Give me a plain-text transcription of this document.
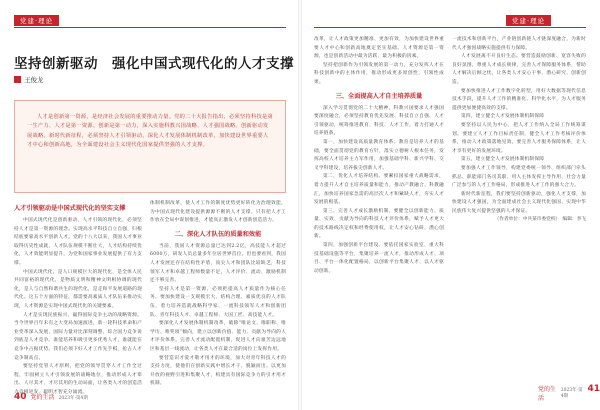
党建·理论
坚持创新驱动　强化中国式现代化的人才支撑
王俊龙

人才是创新第一资源，是经济社会发展的重要推动力量。党的二十大报告指出，必须坚持科技是第一生产力、人才是第一资源、创新是第一动力，深入实施科教兴国战略、人才强国战略、创新驱动发展战略。新时代新征程，必须坚持人才引领驱动，深化人才发展体制机制改革，加快建设世界重要人才中心和创新高地，为全面建设社会主义现代化国家提供坚强的人才支撑。

人才引领驱动是中国式现代化的坚实支撑

中国式现代化是创新驱动、人才引领的现代化，必须坚持人才是第一资源的理念。实现高水平科技自立自强，归根结底要靠高水平创新人才。党的十八大以来，我国人才事业取得历史性成就，人才队伍规模不断壮大，人才结构持续优化，人才效能明显提升，为党和国家事业发展提供了有力支撑。

中国式现代化，是人口规模巨大的现代化，是全体人民共同富裕的现代化，是物质文明和精神文明相协调的现代化，是人与自然和谐共生的现代化，是走和平发展道路的现代化。这五个方面的特征，都需要高素质人才队伍来推动实现，人才资源是实现中国式现代化的关键要素。

人才是实现民族振兴、赢得国际竞争主动的战略资源。当今世界百年未有之大变局加速演进，新一轮科技革命和产业变革深入发展，国际力量对比深刻调整，综合国力竞争说到底是人才竞争。谁能培养和吸引更多优秀人才，谁就能在竞争中占据优势。我们必须下好人才工作先手棋，抢占人才竞争制高点。

要坚持党管人才原则，把党的领导贯穿人才工作全过程，牢固树立人才引领发展的战略地位，推动形成人才辈出、人尽其才、才尽其用的生动局面，让各类人才的创造活力竞相迸发、聪明才智充分涌流。

体制机制改革，使人才工作的制度优势更好转化为治理效能，为中国式现代化建设提供源源不断的人才支撑。只有把人才工作放在全局中谋划推进，才能真正激发人才创新创造活力。

二、深化人才队伍的质量和效能

当前，我国人才资源总量已达到2.2亿，高技能人才超过6000万，研发人员总量多年位居世界首位。但也要看到，我国人才发展还存在结构性矛盾，顶尖人才和团队比较缺乏，科技领军人才和卓越工程师数量不足，人才评价、流动、激励机制还不够完善。

坚持人才是第一资源，必须把提高人才质量作为核心任务。要加快建设一支规模宏大、结构合理、素质优良的人才队伍，着力培养造就战略科学家、一流科技领军人才和创新团队、青年科技人才、卓越工程师、大国工匠、高技能人才。

要深化人才发展体制机制改革，破除“唯论文、唯职称、唯学历、唯奖项”倾向，建立以创新价值、能力、贡献为导向的人才评价体系。完善人才流动配置机制，促进人才向艰苦边远地区和基层一线流动，让各类人才在最合适的岗位上发挥作用。

要营造识才爱才敬才用才的环境，加大对青年科技人才的支持力度，使他们在创新实践中增长才干、脱颖而出。以更加开放的视野引进和集聚人才，构建具有国际竞争力的引才用才机制。

40 党的生活 2023年·第4期
党建·理论

改革，让人才政策更加精准、更加有效，为加快建设世界重要人才中心和创新高地奠定坚实基础。人才资源是第一资源，也是创新活动中最为活跃、最为积极的因素。

坚持把创新作为引领发展的第一动力，充分发挥人才在科技创新中的主体作用，推动形成更多原创性、引领性成果。

三、全面提高人才自主培养质量

深入学习贯彻党的二十大精神，科教兴国要求人才强国要深度融合，必须坚持教育优先发展、科技自立自强、人才引领驱动，统筹推进教育、科技、人才工作，着力打通人才培养链条。

第一，加快建设高质量教育体系。教育是培养人才的基础，要全面贯彻党的教育方针，落实立德树人根本任务，发挥高校人才培养主力军作用，加强基础学科、新兴学科、交叉学科建设，培养拔尖创新人才。

第二，优化人才培养结构。要紧扣国家重大战略需求，着力提升人才自主培养质量和能力，推动产教融合、科教融汇，加快培养国家急需的高层次人才和紧缺人才，夯实人才发展的根基。

第三，完善人才成长激励机制。要健全以创新能力、质量、实效、贡献为导向的科技人才评价体系，赋予人才更大的技术路线决定权和经费使用权，让人才安心钻研、潜心创新。

第四，加强创新平台建设。要依托国家实验室、重大科技基础设施等平台，集聚培养一流人才，推动形成人才、项目、平台一体化配置格局，以创新平台集聚人才、以人才驱动创新。

一流技术和创新平台，产业链创新链人才链深度融合，为新时代人才强国战略实施提供有力保障。

人才发展离不开良好生态。要营造鼓励创新、宽容失败的良好氛围，尊重人才成长规律，完善人才保障服务体系，帮助人才解决后顾之忧，让各类人才安心干事、潜心研究、创新创造。

要加快推进人才工作数字化转型，用好大数据等现代信息技术手段，提升人才工作的精准化、科学化水平，为人才服务提供更加便捷高效的支撑。

第四，建立健全人才发展体制机制保障

要坚持以人民为中心，把人才工作纳入全局工作统筹谋划。要建立人才工作目标责任制，健全人才工作考核评价体系，推动人才政策落地见效。要完善人才服务保障体系，让人才享有更好的发展环境。

第五，建立健全人才发展体制机制保障

要加强人才工作领导，构建党委统一领导、组织部门牵头抓总、职能部门各司其职、用人主体发挥主导作用、社会力量广泛参与的人才工作格局，形成推进人才工作的强大合力。

新时代新征程，我们要坚持创新驱动，强化人才支撑，加快建设人才强国，为全面建成社会主义现代化强国、实现中华民族伟大复兴提供坚强的人才保证。

（作者单位：中共某市委党校）　编辑：李飞
党的生活
2023年·第4期
41
